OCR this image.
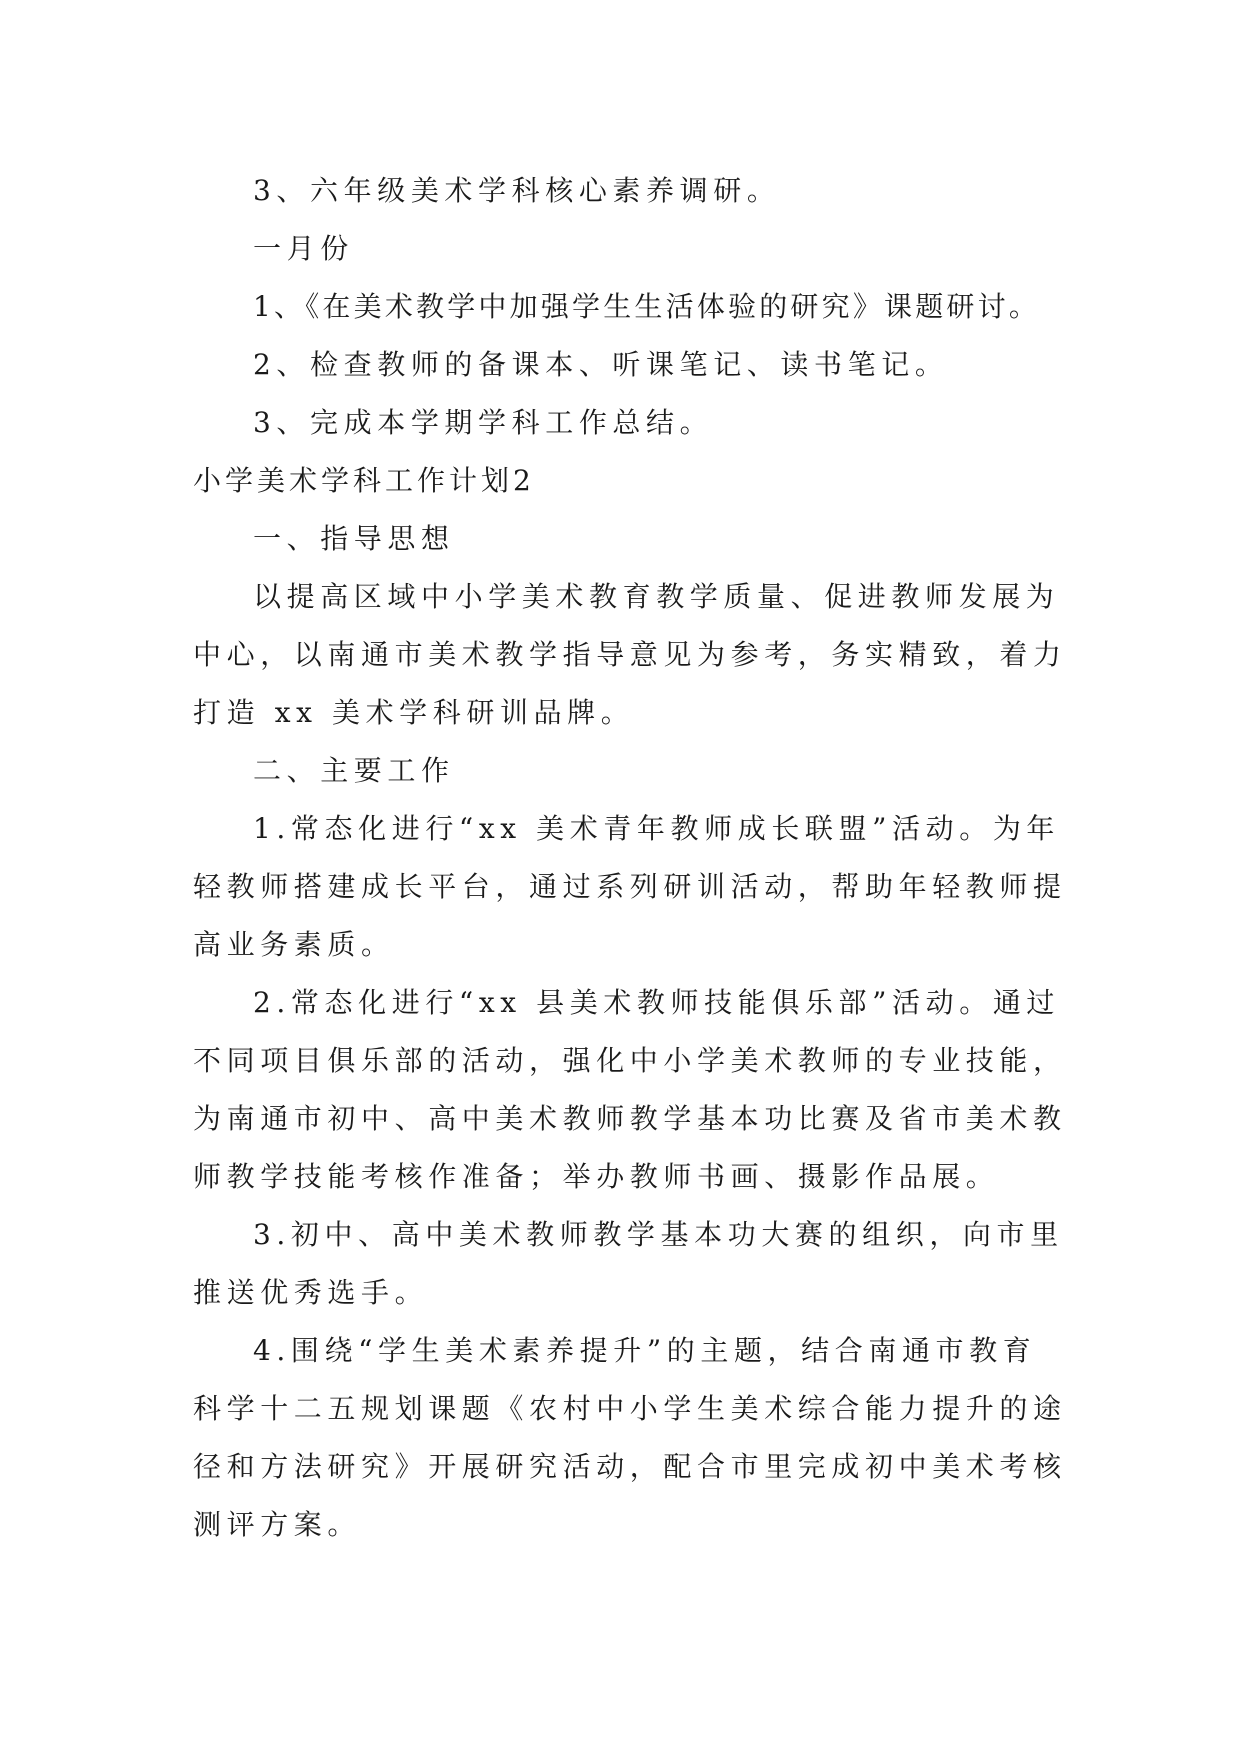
3、六年级美术学科核心素养调研。
一月份
1、《在美术教学中加强学生生活体验的研究》课题研讨。
2、检查教师的备课本、听课笔记、读书笔记。
3、完成本学期学科工作总结。
小学美术学科工作计划2
一、指导思想
以提高区域中小学美术教育教学质量、促进教师发展为
中心，以南通市美术教学指导意见为参考，务实精致，着力
打造 xx 美术学科研训品牌。
二、主要工作
1.常态化进行“xx 美术青年教师成长联盟”活动。为年
轻教师搭建成长平台，通过系列研训活动，帮助年轻教师提
高业务素质。
2.常态化进行“xx 县美术教师技能俱乐部”活动。通过
不同项目俱乐部的活动，强化中小学美术教师的专业技能，
为南通市初中、高中美术教师教学基本功比赛及省市美术教
师教学技能考核作准备；举办教师书画、摄影作品展。
3.初中、高中美术教师教学基本功大赛的组织，向市里
推送优秀选手。
4.围绕“学生美术素养提升”的主题，结合南通市教育
科学十二五规划课题《农村中小学生美术综合能力提升的途
径和方法研究》开展研究活动，配合市里完成初中美术考核
测评方案。
